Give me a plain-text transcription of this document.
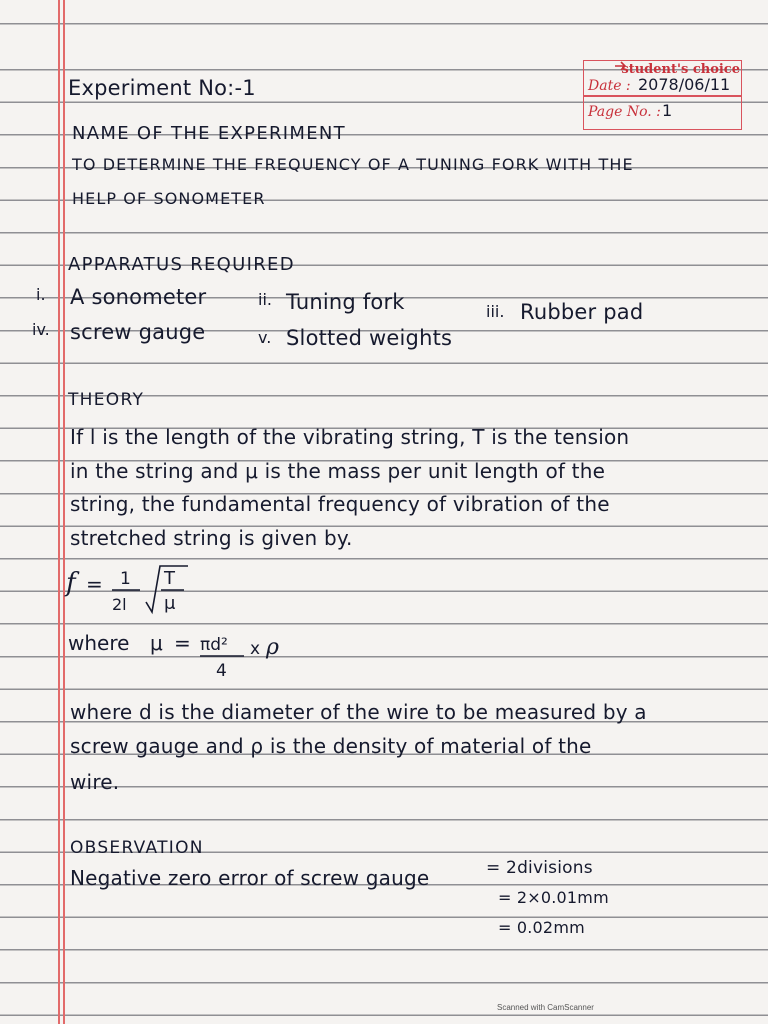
student's choice
Date : 2078/06/11
Page No. : 1
Experiment No:-1
NAME OF THE EXPERIMENT
TO DETERMINE THE FREQUENCY OF A TUNING FORK WITH THE
HELP OF SONOMETER
APPARATUS REQUIRED
i. A sonometer	ii. Tuning fork	iii. Rubber pad
iv. screw gauge	v. Slotted weights
THEORY
If l is the length of the vibrating string, T is the tension
in the string and μ is the mass per unit length of the
string, the fundamental frequency of vibration of the
stretched string is given by.
f = 1
2l
T
μ
where μ = πd²
4
x ρ
where d is the diameter of the wire to be measured by a
screw gauge and ρ is the density of material of the
wire.
OBSERVATION
Negative zero error of screw gauge	= 2divisions
= 2×0.01mm
= 0.02mm
Scanned with CamScanner
